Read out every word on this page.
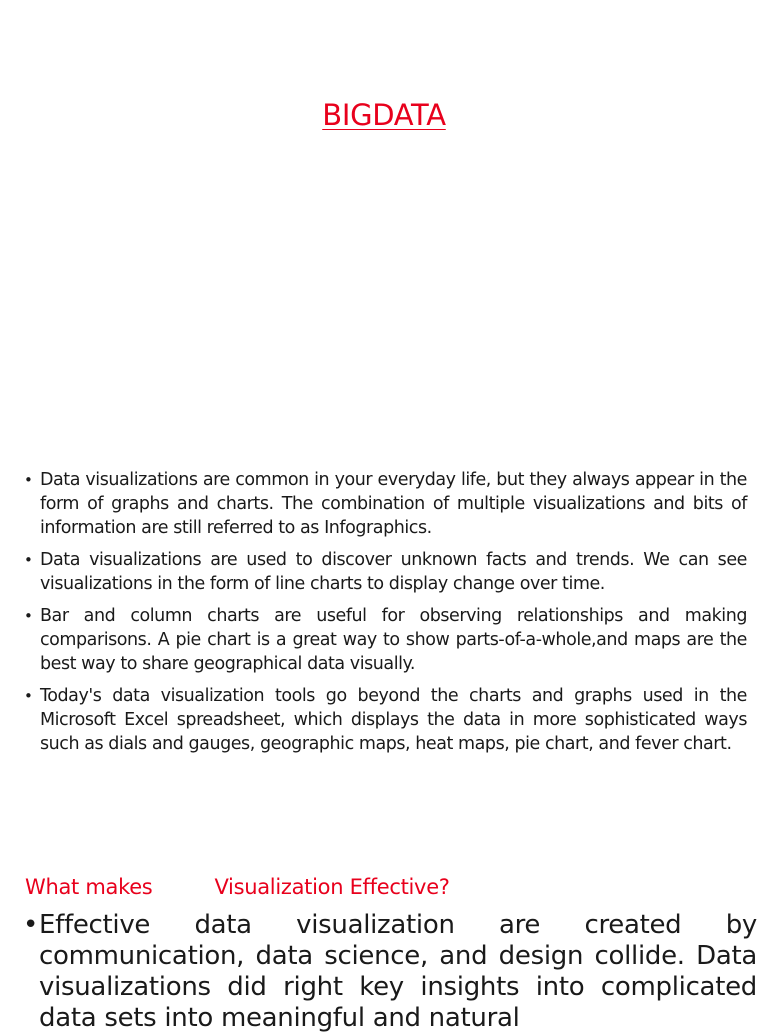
BIGDATA
• Data visualizations are common in your everyday life, but they always appear in the form of graphs and charts. The combination of multiple visualizations and bits of information are still referred to as Infographics.
• Data visualizations are used to discover unknown facts and trends. We can see visualizations in the form of line charts to display change over time.
• Bar and column charts are useful for observing relationships and making comparisons. A pie chart is a great way to show parts-of-a-whole,and maps are the best way to share geographical data visually.
• Today's data visualization tools go beyond the charts and graphs used in the Microsoft Excel spreadsheet, which displays the data in more sophisticated ways such as dials and gauges, geographic maps, heat maps, pie chart, and fever chart.
What makes	Visualization Effective?
• Effective data visualization are created by communication, data science, and design collide. Data visualizations did right key insights into complicated data sets into meaningful and natural
